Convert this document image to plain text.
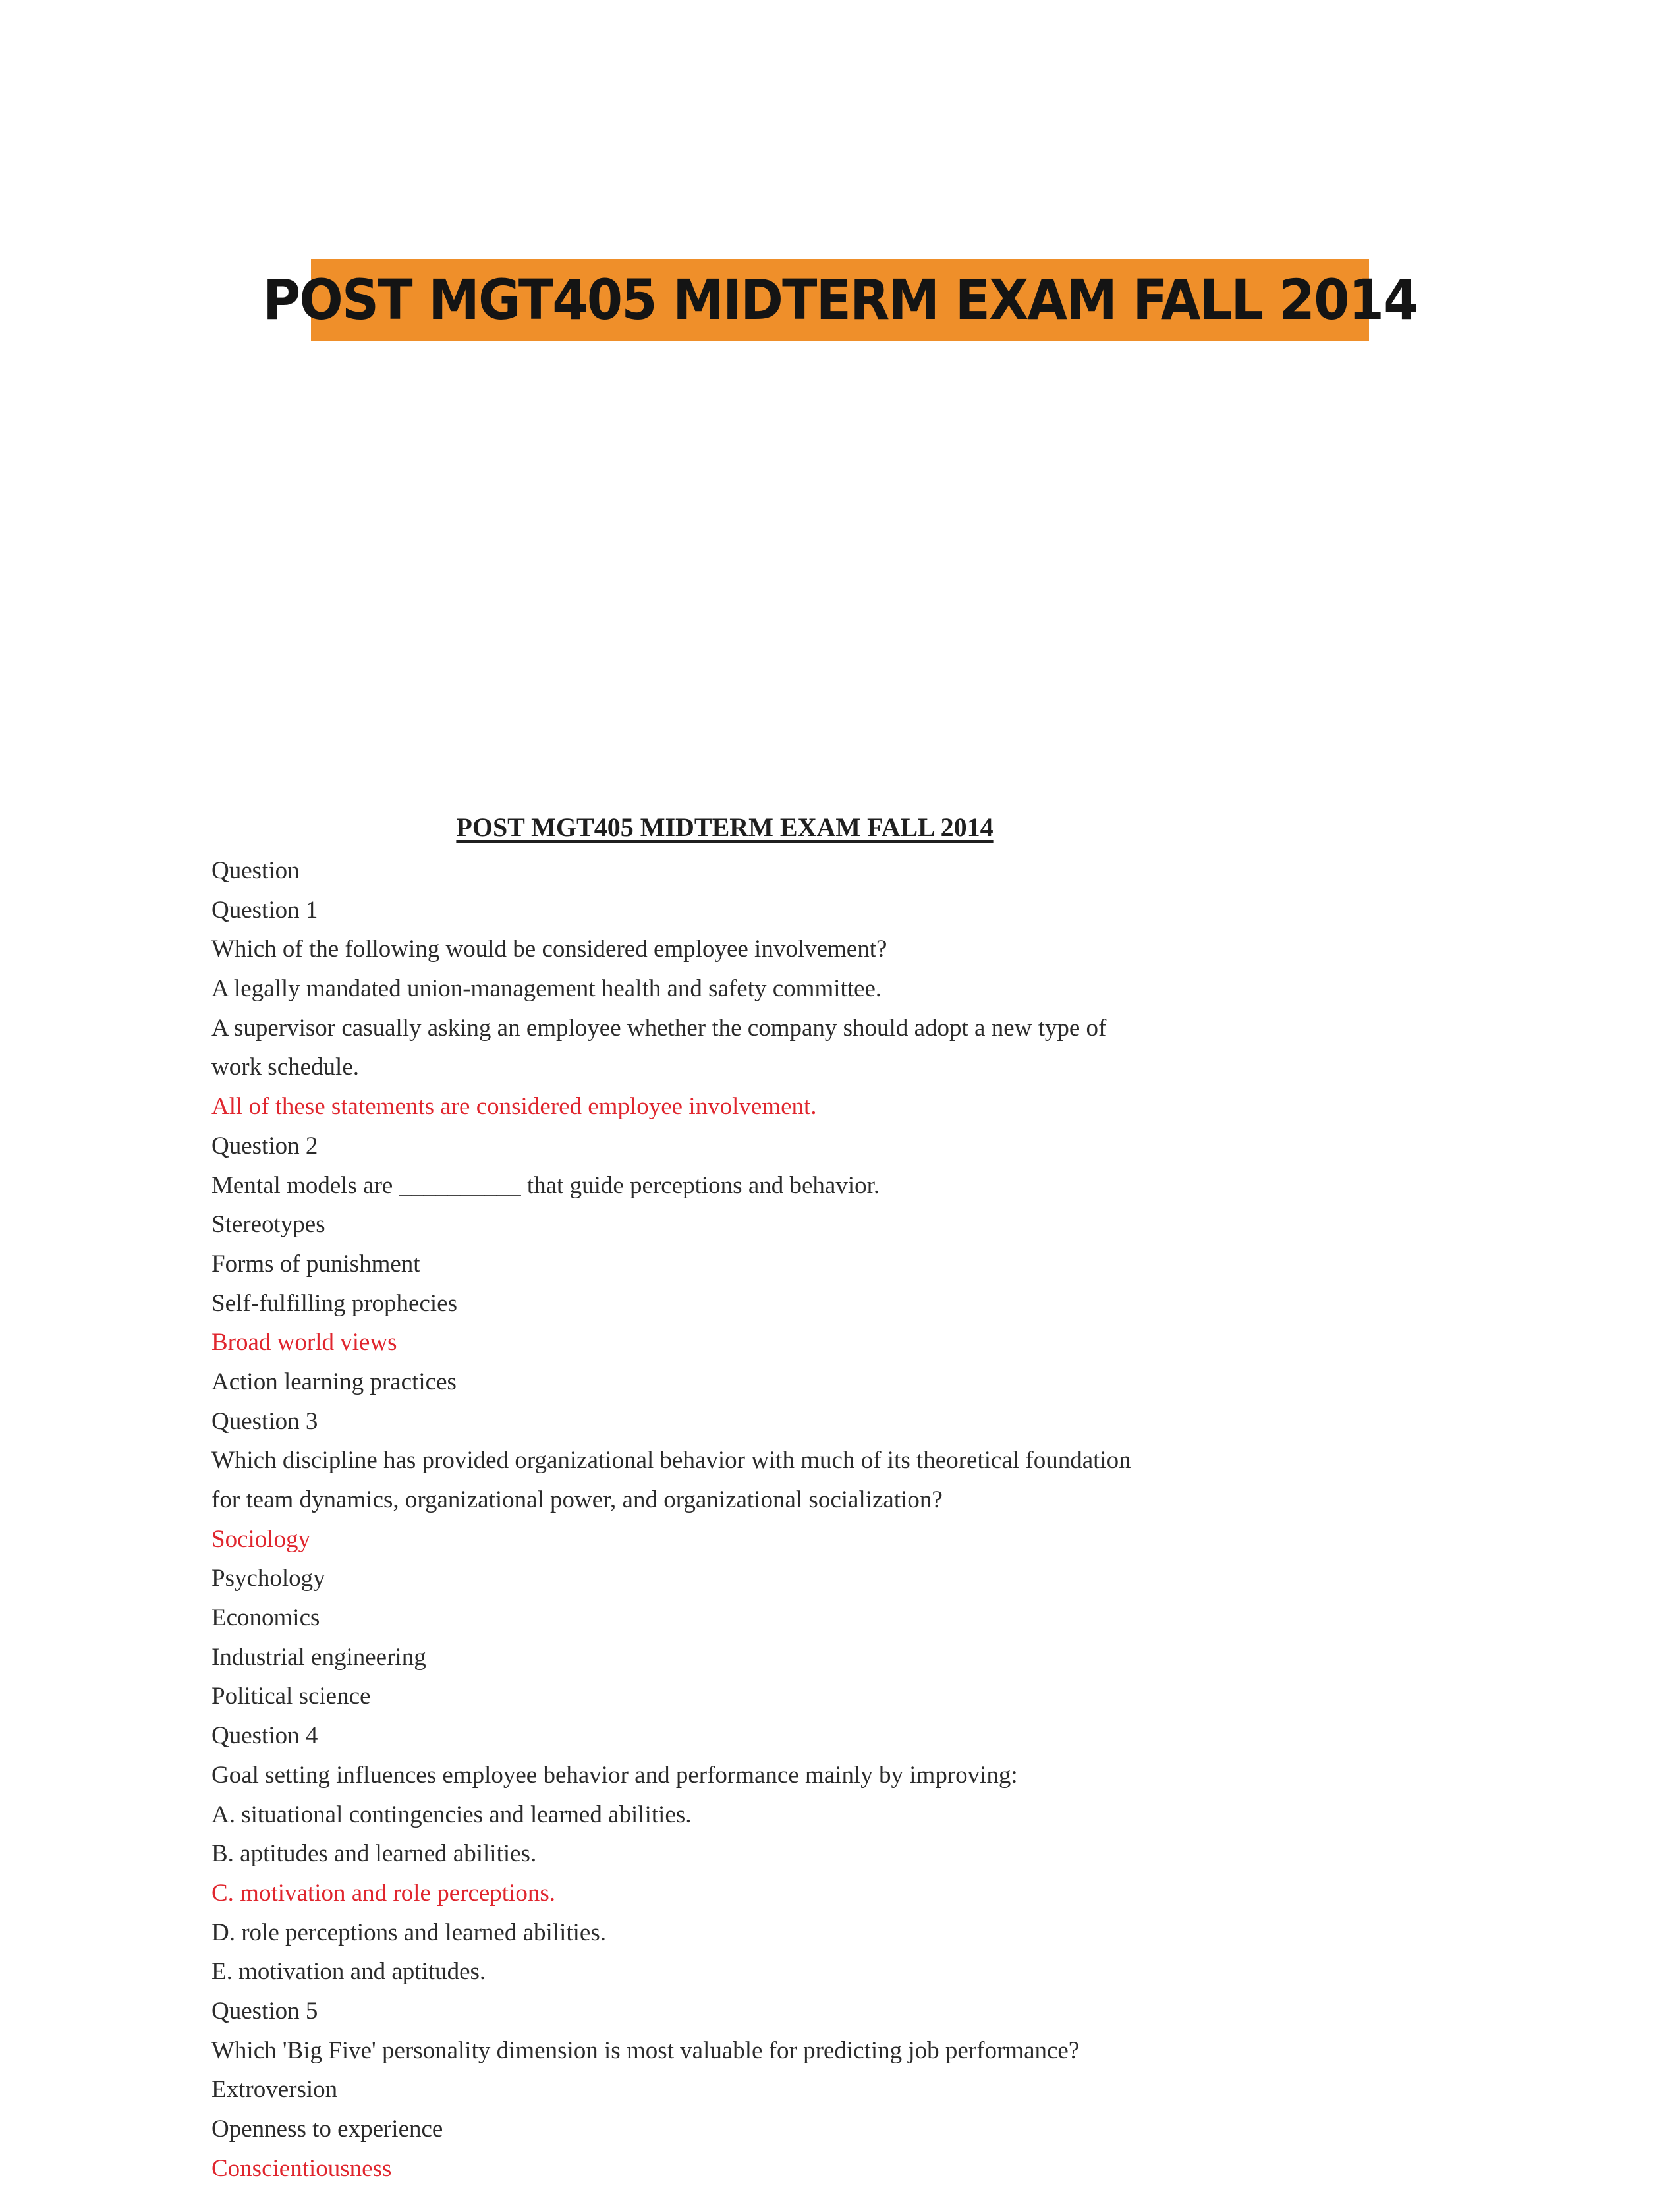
POST MGT405 MIDTERM EXAM FALL 2014
POST MGT405 MIDTERM EXAM FALL 2014
Question
Question 1
Which of the following would be considered employee involvement?
A legally mandated union-management health and safety committee.
A supervisor casually asking an employee whether the company should adopt a new type of
work schedule.
All of these statements are considered employee involvement.
Question 2
Mental models are __________ that guide perceptions and behavior.
Stereotypes
Forms of punishment
Self-fulfilling prophecies
Broad world views
Action learning practices
Question 3
Which discipline has provided organizational behavior with much of its theoretical foundation
for team dynamics, organizational power, and organizational socialization?
Sociology
Psychology
Economics
Industrial engineering
Political science
Question 4
Goal setting influences employee behavior and performance mainly by improving:
A. situational contingencies and learned abilities.
B. aptitudes and learned abilities.
C. motivation and role perceptions.
D. role perceptions and learned abilities.
E. motivation and aptitudes.
Question 5
Which 'Big Five' personality dimension is most valuable for predicting job performance?
Extroversion
Openness to experience
Conscientiousness
